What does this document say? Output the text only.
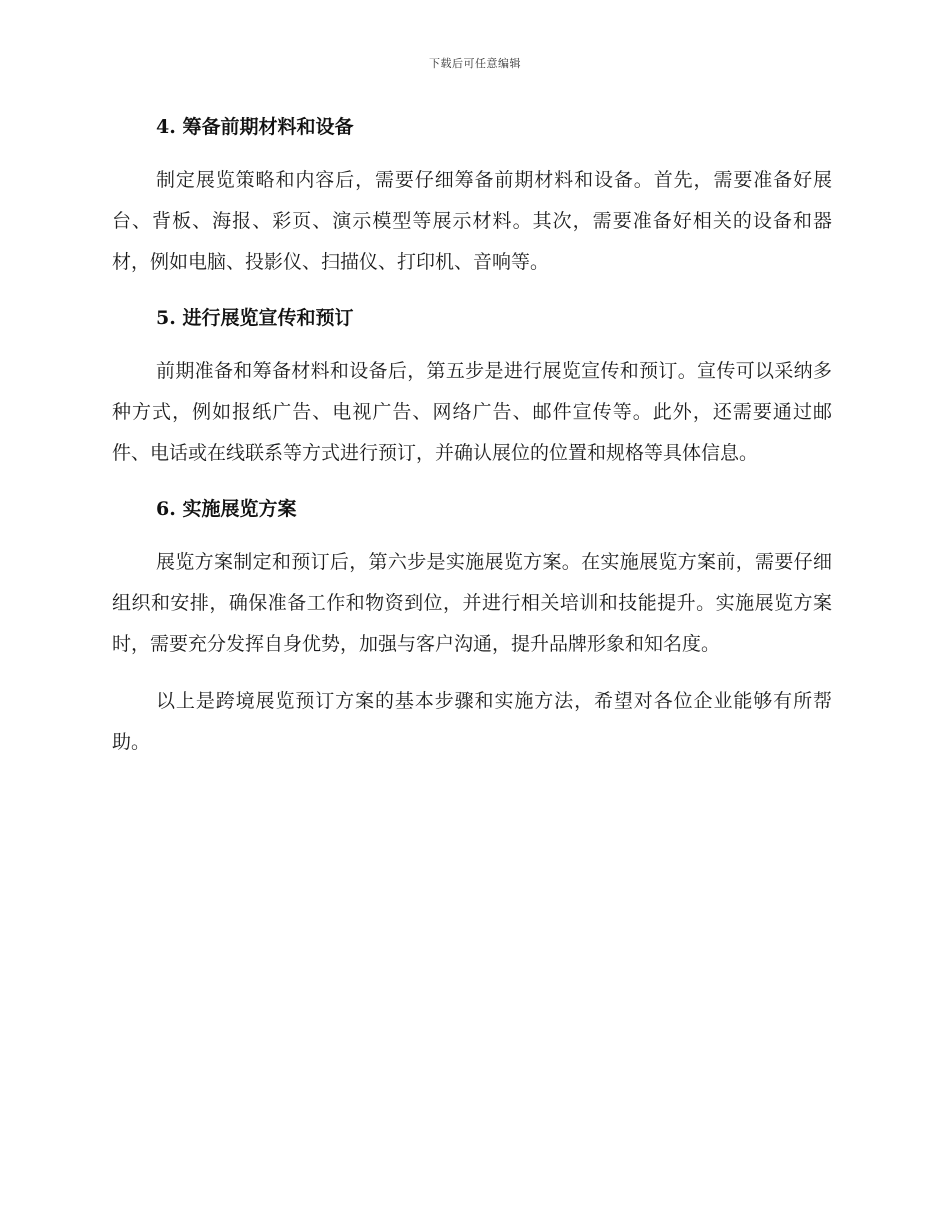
下载后可任意编辑
4. 筹备前期材料和设备

制定展览策略和内容后，需要仔细筹备前期材料和设备。首先，需要准备好展台、背板、海报、彩页、演示模型等展示材料。其次，需要准备好相关的设备和器材，例如电脑、投影仪、扫描仪、打印机、音响等。

5. 进行展览宣传和预订

前期准备和筹备材料和设备后，第五步是进行展览宣传和预订。宣传可以采纳多种方式，例如报纸广告、电视广告、网络广告、邮件宣传等。此外，还需要通过邮件、电话或在线联系等方式进行预订，并确认展位的位置和规格等具体信息。

6. 实施展览方案

展览方案制定和预订后，第六步是实施展览方案。在实施展览方案前，需要仔细组织和安排，确保准备工作和物资到位，并进行相关培训和技能提升。实施展览方案时，需要充分发挥自身优势，加强与客户沟通，提升品牌形象和知名度。

以上是跨境展览预订方案的基本步骤和实施方法，希望对各位企业能够有所帮助。
